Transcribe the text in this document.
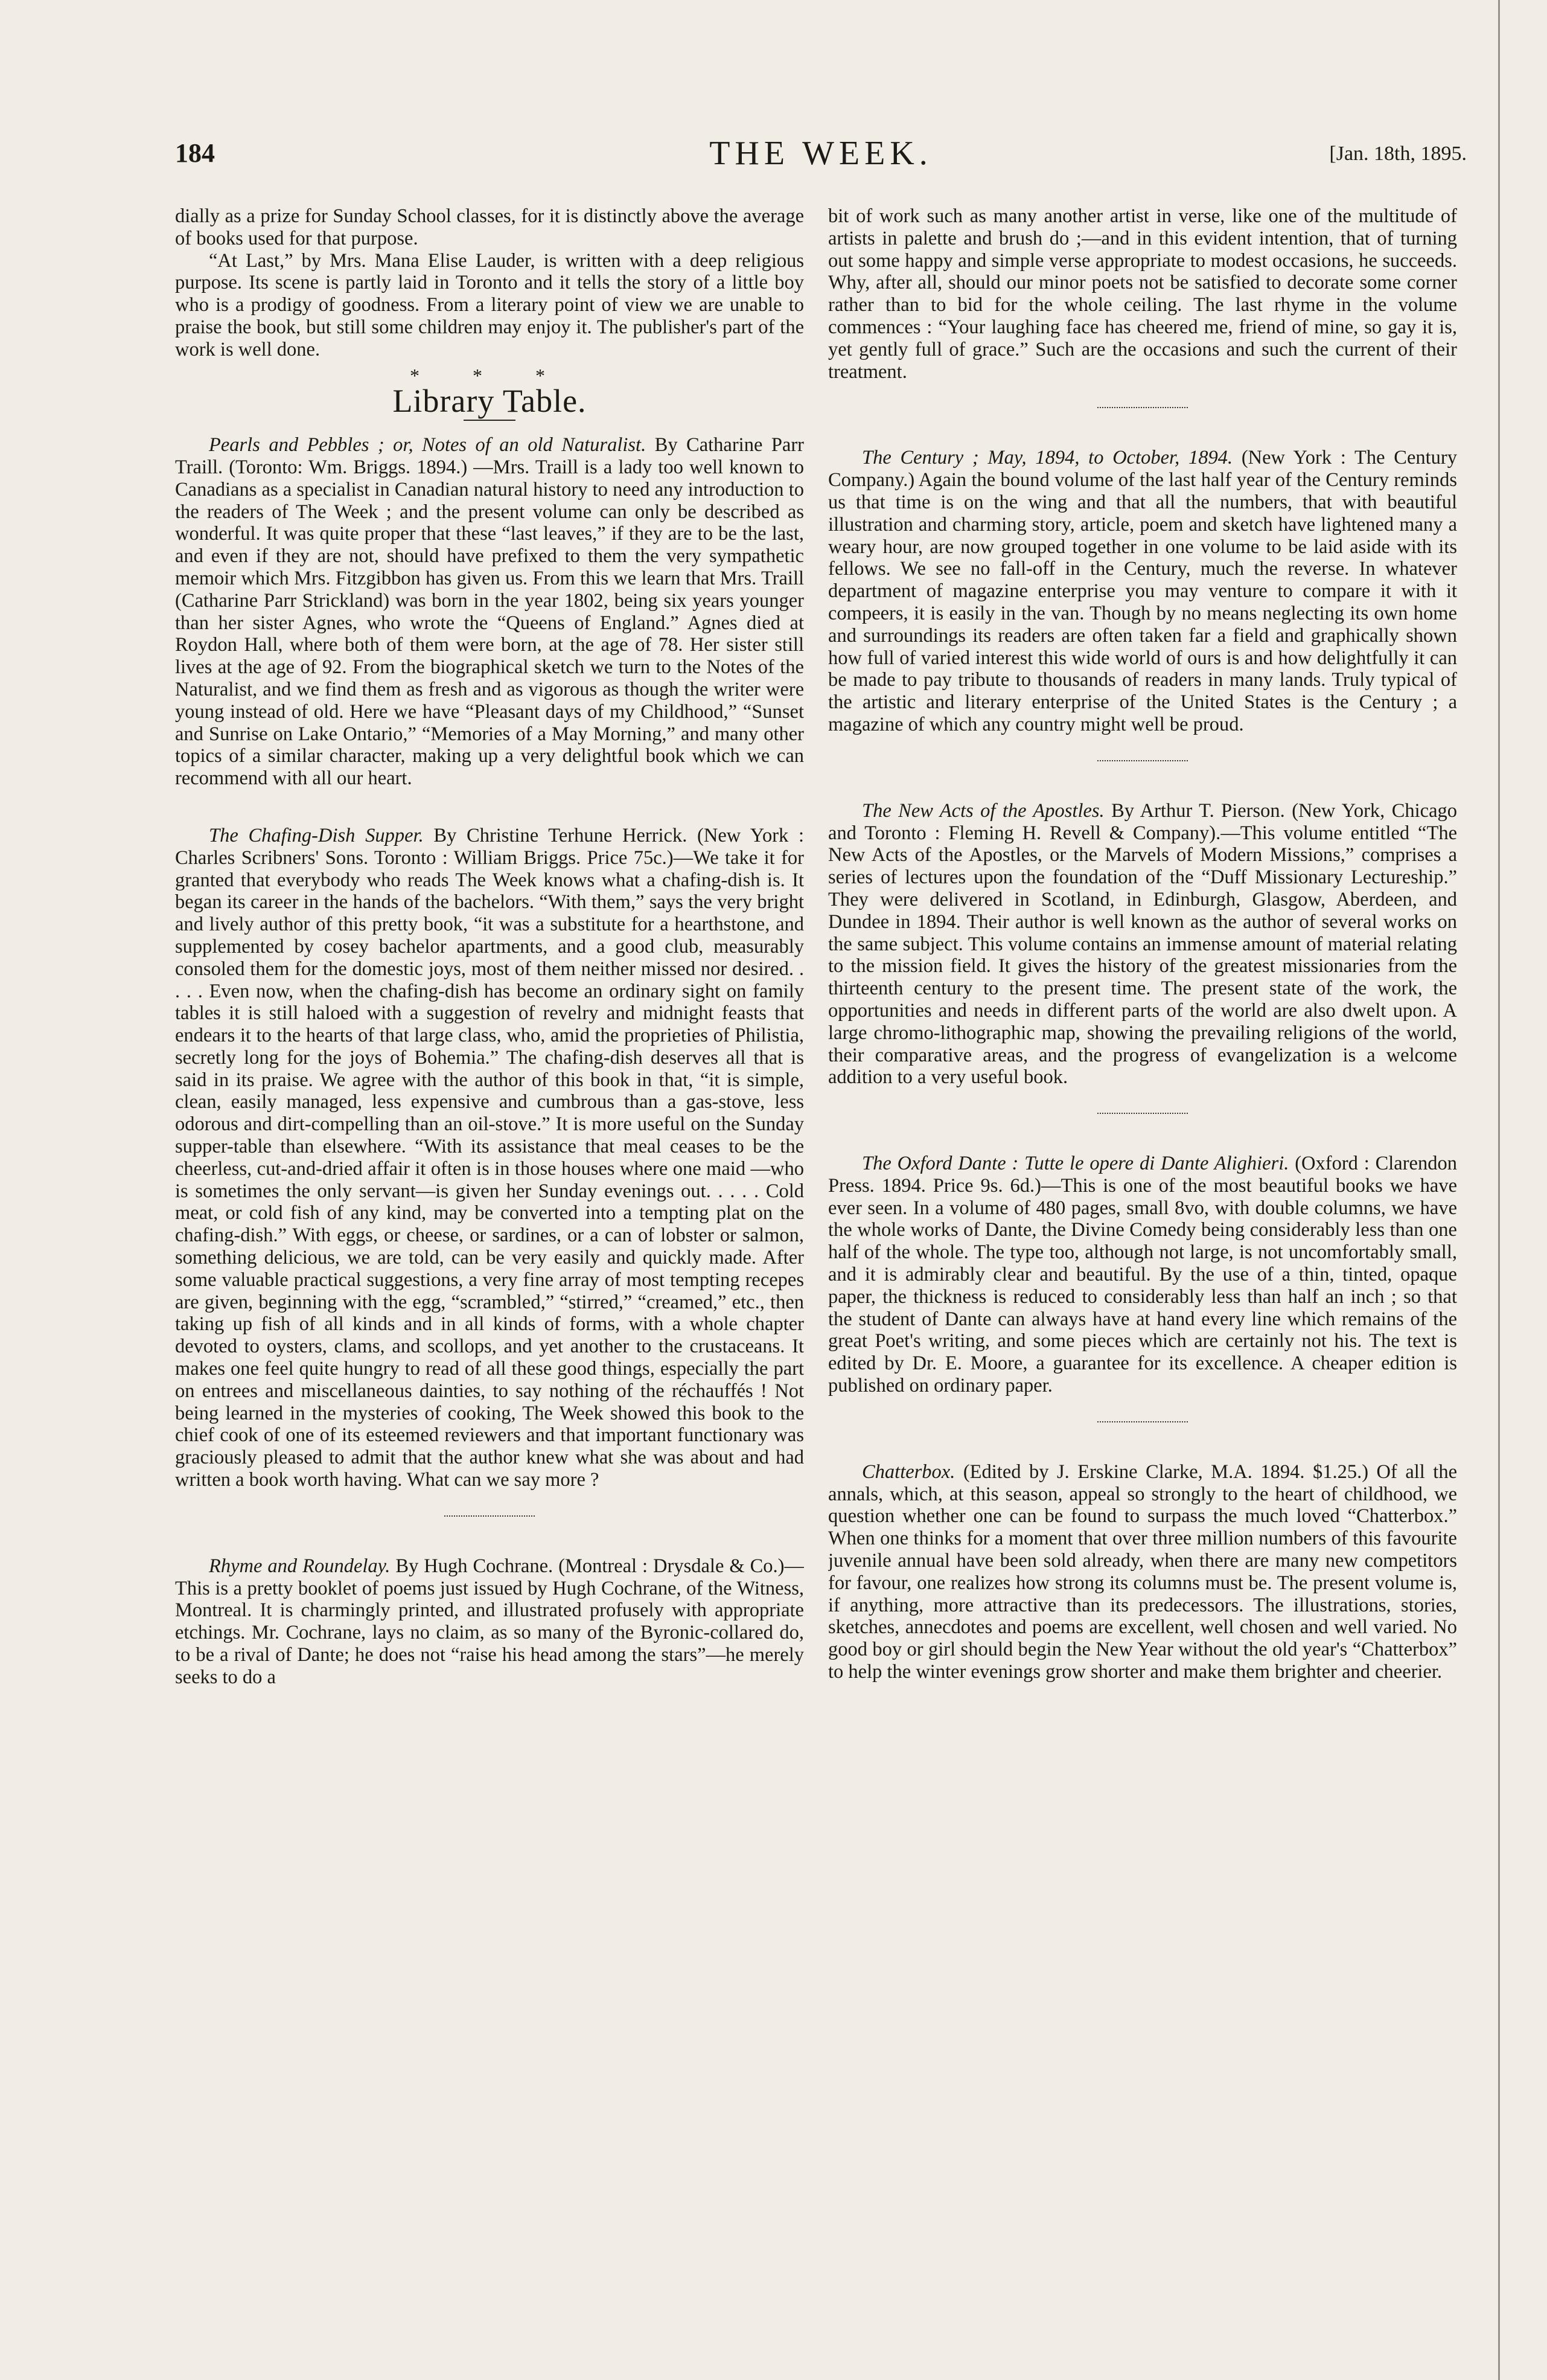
184	THE WEEK.	[Jan. 18th, 1895.

dially as a prize for Sunday School classes, for it is distinctly above the average of books used for that purpose.

“At Last,” by Mrs. Mana Elise Lauder, is written with a deep religious purpose. Its scene is partly laid in Toronto and it tells the story of a little boy who is a prodigy of goodness. From a literary point of view we are unable to praise the book, but still some children may enjoy it. The publisher's part of the work is well done.

* * *
Library Table.

Pearls and Pebbles ; or, Notes of an old Naturalist. By Catharine Parr Traill. (Toronto: Wm. Briggs. 1894.) —Mrs. Traill is a lady too well known to Canadians as a specialist in Canadian natural history to need any introduction to the readers of The Week ; and the present volume can only be described as wonderful. It was quite proper that these “last leaves,” if they are to be the last, and even if they are not, should have prefixed to them the very sympathetic memoir which Mrs. Fitzgibbon has given us. From this we learn that Mrs. Traill (Catharine Parr Strickland) was born in the year 1802, being six years younger than her sister Agnes, who wrote the “Queens of England.” Agnes died at Roydon Hall, where both of them were born, at the age of 78. Her sister still lives at the age of 92. From the biographical sketch we turn to the Notes of the Naturalist, and we find them as fresh and as vigorous as though the writer were young instead of old. Here we have “Pleasant days of my Childhood,” “Sunset and Sunrise on Lake Ontario,” “Memories of a May Morning,” and many other topics of a similar character, making up a very delightful book which we can recommend with all our heart.

The Chafing-Dish Supper. By Christine Terhune Herrick. (New York : Charles Scribners' Sons. Toronto : William Briggs. Price 75c.)—We take it for granted that everybody who reads The Week knows what a chafing-dish is. It began its career in the hands of the bachelors. “With them,” says the very bright and lively author of this pretty book, “it was a substitute for a hearthstone, and supplemented by cosey bachelor apartments, and a good club, measurably consoled them for the domestic joys, most of them neither missed nor desired. . . . . Even now, when the chafing-dish has become an ordinary sight on family tables it is still haloed with a suggestion of revelry and midnight feasts that endears it to the hearts of that large class, who, amid the proprieties of Philistia, secretly long for the joys of Bohemia.” The chafing-dish deserves all that is said in its praise. We agree with the author of this book in that, “it is simple, clean, easily managed, less expensive and cumbrous than a gas-stove, less odorous and dirt-compelling than an oil-stove.” It is more useful on the Sunday supper-table than elsewhere. “With its assistance that meal ceases to be the cheerless, cut-and-dried affair it often is in those houses where one maid —who is sometimes the only servant—is given her Sunday evenings out. . . . . Cold meat, or cold fish of any kind, may be converted into a tempting plat on the chafing-dish.” With eggs, or cheese, or sardines, or a can of lobster or salmon, something delicious, we are told, can be very easily and quickly made. After some valuable practical suggestions, a very fine array of most tempting recepes are given, beginning with the egg, “scrambled,” “stirred,” “creamed,” etc., then taking up fish of all kinds and in all kinds of forms, with a whole chapter devoted to oysters, clams, and scollops, and yet another to the crustaceans. It makes one feel quite hungry to read of all these good things, especially the part on entrees and miscellaneous dainties, to say nothing of the réchauffés ! Not being learned in the mysteries of cooking, The Week showed this book to the chief cook of one of its esteemed reviewers and that important functionary was graciously pleased to admit that the author knew what she was about and had written a book worth having. What can we say more ?

Rhyme and Roundelay. By Hugh Cochrane. (Montreal : Drysdale & Co.)—This is a pretty booklet of poems just issued by Hugh Cochrane, of the Witness, Montreal. It is charmingly printed, and illustrated profusely with appropriate etchings. Mr. Cochrane, lays no claim, as so many of the Byronic-collared do, to be a rival of Dante; he does not “raise his head among the stars”—he merely seeks to do a

bit of work such as many another artist in verse, like one of the multitude of artists in palette and brush do ;—and in this evident intention, that of turning out some happy and simple verse appropriate to modest occasions, he succeeds. Why, after all, should our minor poets not be satisfied to decorate some corner rather than to bid for the whole ceiling. The last rhyme in the volume commences : “Your laughing face has cheered me, friend of mine, so gay it is, yet gently full of grace.” Such are the occasions and such the current of their treatment.

The Century ; May, 1894, to October, 1894. (New York : The Century Company.) Again the bound volume of the last half year of the Century reminds us that time is on the wing and that all the numbers, that with beautiful illustration and charming story, article, poem and sketch have lightened many a weary hour, are now grouped together in one volume to be laid aside with its fellows. We see no fall-off in the Century, much the reverse. In whatever department of magazine enterprise you may venture to compare it with it compeers, it is easily in the van. Though by no means neglecting its own home and surroundings its readers are often taken far a field and graphically shown how full of varied interest this wide world of ours is and how delightfully it can be made to pay tribute to thousands of readers in many lands. Truly typical of the artistic and literary enterprise of the United States is the Century ; a magazine of which any country might well be proud.

The New Acts of the Apostles. By Arthur T. Pierson. (New York, Chicago and Toronto : Fleming H. Revell & Company).—This volume entitled “The New Acts of the Apostles, or the Marvels of Modern Missions,” comprises a series of lectures upon the foundation of the “Duff Missionary Lectureship.” They were delivered in Scotland, in Edinburgh, Glasgow, Aberdeen, and Dundee in 1894. Their author is well known as the author of several works on the same subject. This volume contains an immense amount of material relating to the mission field. It gives the history of the greatest missionaries from the thirteenth century to the present time. The present state of the work, the opportunities and needs in different parts of the world are also dwelt upon. A large chromo-lithographic map, showing the prevailing religions of the world, their comparative areas, and the progress of evangelization is a welcome addition to a very useful book.

The Oxford Dante : Tutte le opere di Dante Alighieri. (Oxford : Clarendon Press. 1894. Price 9s. 6d.)—This is one of the most beautiful books we have ever seen. In a volume of 480 pages, small 8vo, with double columns, we have the whole works of Dante, the Divine Comedy being considerably less than one half of the whole. The type too, although not large, is not uncomfortably small, and it is admirably clear and beautiful. By the use of a thin, tinted, opaque paper, the thickness is reduced to considerably less than half an inch ; so that the student of Dante can always have at hand every line which remains of the great Poet's writing, and some pieces which are certainly not his. The text is edited by Dr. E. Moore, a guarantee for its excellence. A cheaper edition is published on ordinary paper.

Chatterbox. (Edited by J. Erskine Clarke, M.A. 1894. $1.25.) Of all the annals, which, at this season, appeal so strongly to the heart of childhood, we question whether one can be found to surpass the much loved “Chatterbox.” When one thinks for a moment that over three million numbers of this favourite juvenile annual have been sold already, when there are many new competitors for favour, one realizes how strong its columns must be. The present volume is, if anything, more attractive than its predecessors. The illustrations, stories, sketches, annecdotes and poems are excellent, well chosen and well varied. No good boy or girl should begin the New Year without the old year's “Chatterbox” to help the winter evenings grow shorter and make them brighter and cheerier.
